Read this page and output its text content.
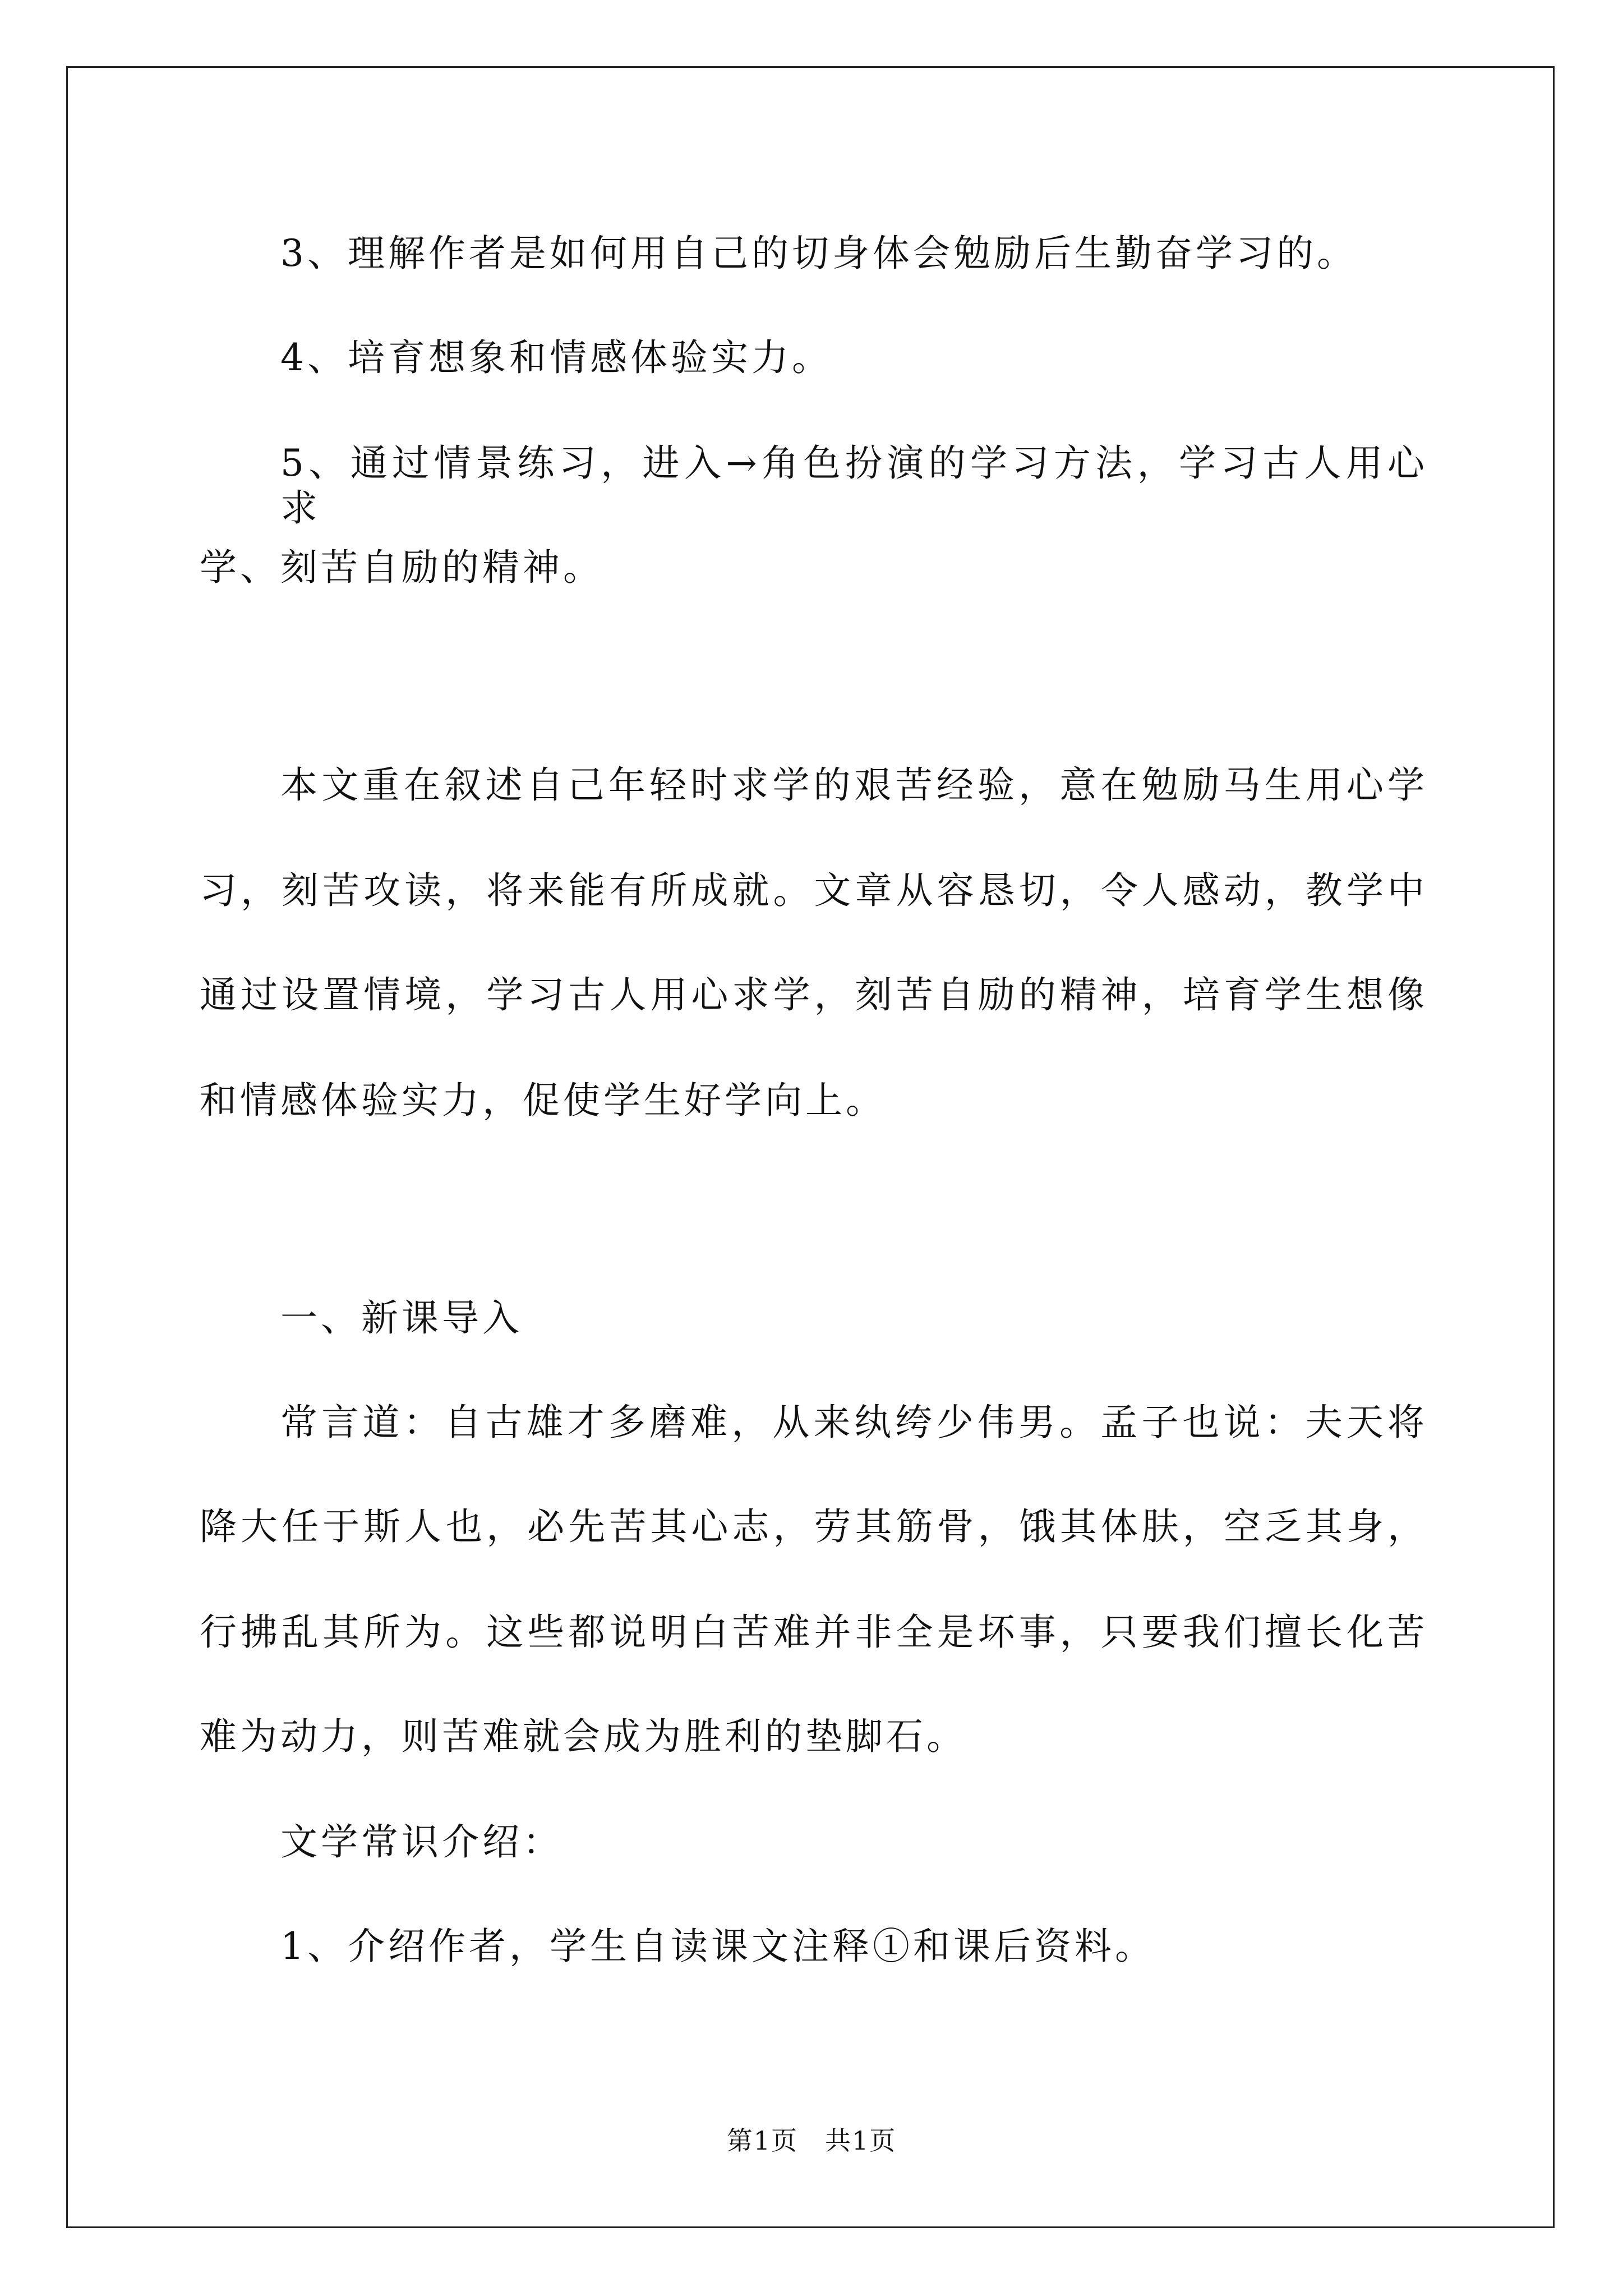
3、理解作者是如何用自己的切身体会勉励后生勤奋学习的。
4、培育想象和情感体验实力。
5、通过情景练习，进入→角色扮演的学习方法，学习古人用心求
学、刻苦自励的精神。
本文重在叙述自己年轻时求学的艰苦经验，意在勉励马生用心学
习，刻苦攻读，将来能有所成就。文章从容恳切，令人感动，教学中
通过设置情境，学习古人用心求学，刻苦自励的精神，培育学生想像
和情感体验实力，促使学生好学向上。
一、新课导入
常言道：自古雄才多磨难，从来纨绔少伟男。孟子也说：夫天将
降大任于斯人也，必先苦其心志，劳其筋骨，饿其体肤，空乏其身，
行拂乱其所为。这些都说明白苦难并非全是坏事，只要我们擅长化苦
难为动力，则苦难就会成为胜利的垫脚石。
文学常识介绍：
1、介绍作者，学生自读课文注释①和课后资料。
第1页　共1页
